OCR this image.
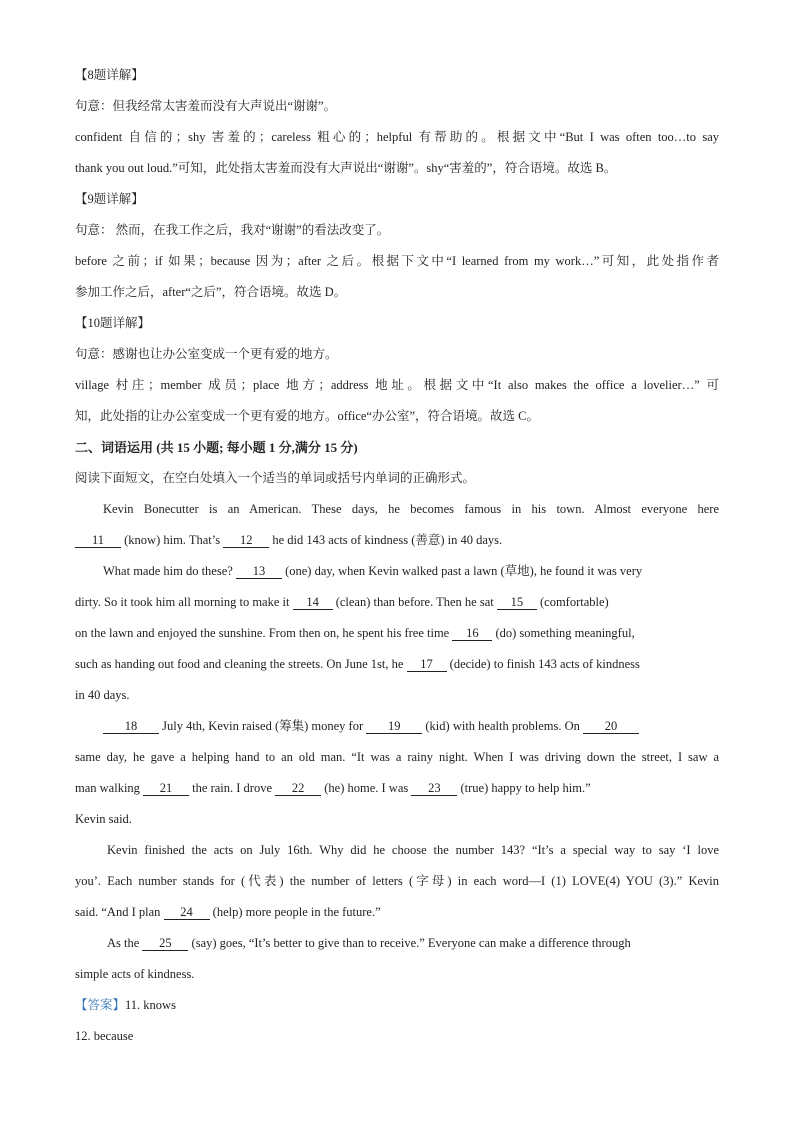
【8题详解】
句意：但我经常太害羞而没有大声说出“谢谢”。
confident 自信的；shy 害羞的；careless 粗心的；helpful 有帮助的。根据文中“But I was often too…to say
thank you out loud.”可知，此处指太害羞而没有大声说出“谢谢”。shy“害羞的”，符合语境。故选 B。
【9题详解】
句意： 然而，在我工作之后，我对“谢谢”的看法改变了。
before 之前；if 如果；because 因为；after 之后。根据下文中“I learned from my work…”可知，此处指作者
参加工作之后，after“之后”，符合语境。故选 D。
【10题详解】
句意：感谢也让办公室变成一个更有爱的地方。
village 村庄；member 成员；place 地方；address 地址。根据文中“It also makes the office a lovelier…” 可
知，此处指的让办公室变成一个更有爱的地方。office“办公室”，符合语境。故选 C。
二、词语运用 (共 15 小题; 每小题 1 分,满分 15 分)
阅读下面短文，在空白处填入一个适当的单词或括号内单词的正确形式。
Kevin Bonecutter is an American. These days, he becomes famous in his town. Almost everyone here
11 (know) him. That’s 12 he did 143 acts of kindness (善意) in 40 days.
What made him do these? 13 (one) day, when Kevin walked past a lawn (草地), he found it was very
dirty. So it took him all morning to make it 14 (clean) than before. Then he sat 15 (comfortable)
on the lawn and enjoyed the sunshine. From then on, he spent his free time 16 (do) something meaningful,
such as handing out food and cleaning the streets. On June 1st, he 17 (decide) to finish 143 acts of kindness
in 40 days.
18 July 4th, Kevin raised (筹集) money for 19 (kid) with health problems. On 20
same day, he gave a helping hand to an old man. “It was a rainy night. When I was driving down the street, I saw a
man walking 21 the rain. I drove 22 (he) home. I was 23 (true) happy to help him.”
Kevin said.
Kevin finished the acts on July 16th. Why did he choose the number 143? “It’s a special way to say ‘I love
you’. Each number stands for (代表) the number of letters (字母) in each word—I (1) LOVE(4) YOU (3).” Kevin
said. “And I plan 24 (help) more people in the future.”
As the 25 (say) goes, “It’s better to give than to receive.” Everyone can make a difference through
simple acts of kindness.
【答案】11. knows
12. because
